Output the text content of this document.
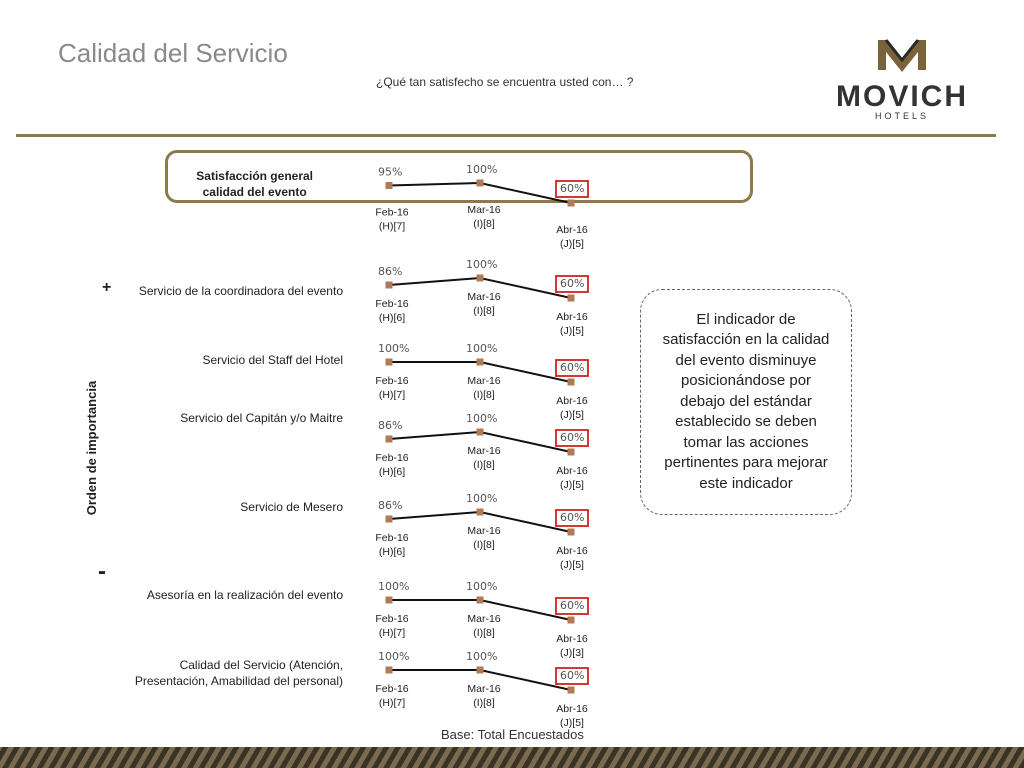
Calidad del Servicio
¿Qué tan satisfecho se encuentra usted con… ?	MOVICH
HOTELS
+
-
Orden de importancia
El indicador de satisfacción en la calidad del evento disminuye posicionándose por debajo del estándar establecido se deben tomar las acciones pertinentes para mejorar este indicador
Base: Total Encuestados
Satisfacción general
calidad del evento
Servicio de la coordinadora del evento
Servicio del Staff del Hotel
Servicio del Capitán y/o Maitre
Servicio de Mesero
Asesoría en la realización del evento
Calidad del Servicio (Atención,
Presentación, Amabilidad del personal)
95%
Feb-16
(H)[7]
100%
Mar-16
(I)[8]
60%
Abr-16
(J)[5]
86%
Feb-16
(H)[6]
100%
Mar-16
(I)[8]
60%
Abr-16
(J)[5]
100%
Feb-16
(H)[7]
100%
Mar-16
(I)[8]
60%
Abr-16
(J)[5]
86%
Feb-16
(H)[6]
100%
Mar-16
(I)[8]
60%
Abr-16
(J)[5]
86%
Feb-16
(H)[6]
100%
Mar-16
(I)[8]
60%
Abr-16
(J)[5]
100%
Feb-16
(H)[7]
100%
Mar-16
(I)[8]
60%
Abr-16
(J)[3]
100%
Feb-16
(H)[7]
100%
Mar-16
(I)[8]
60%
Abr-16
(J)[5]
